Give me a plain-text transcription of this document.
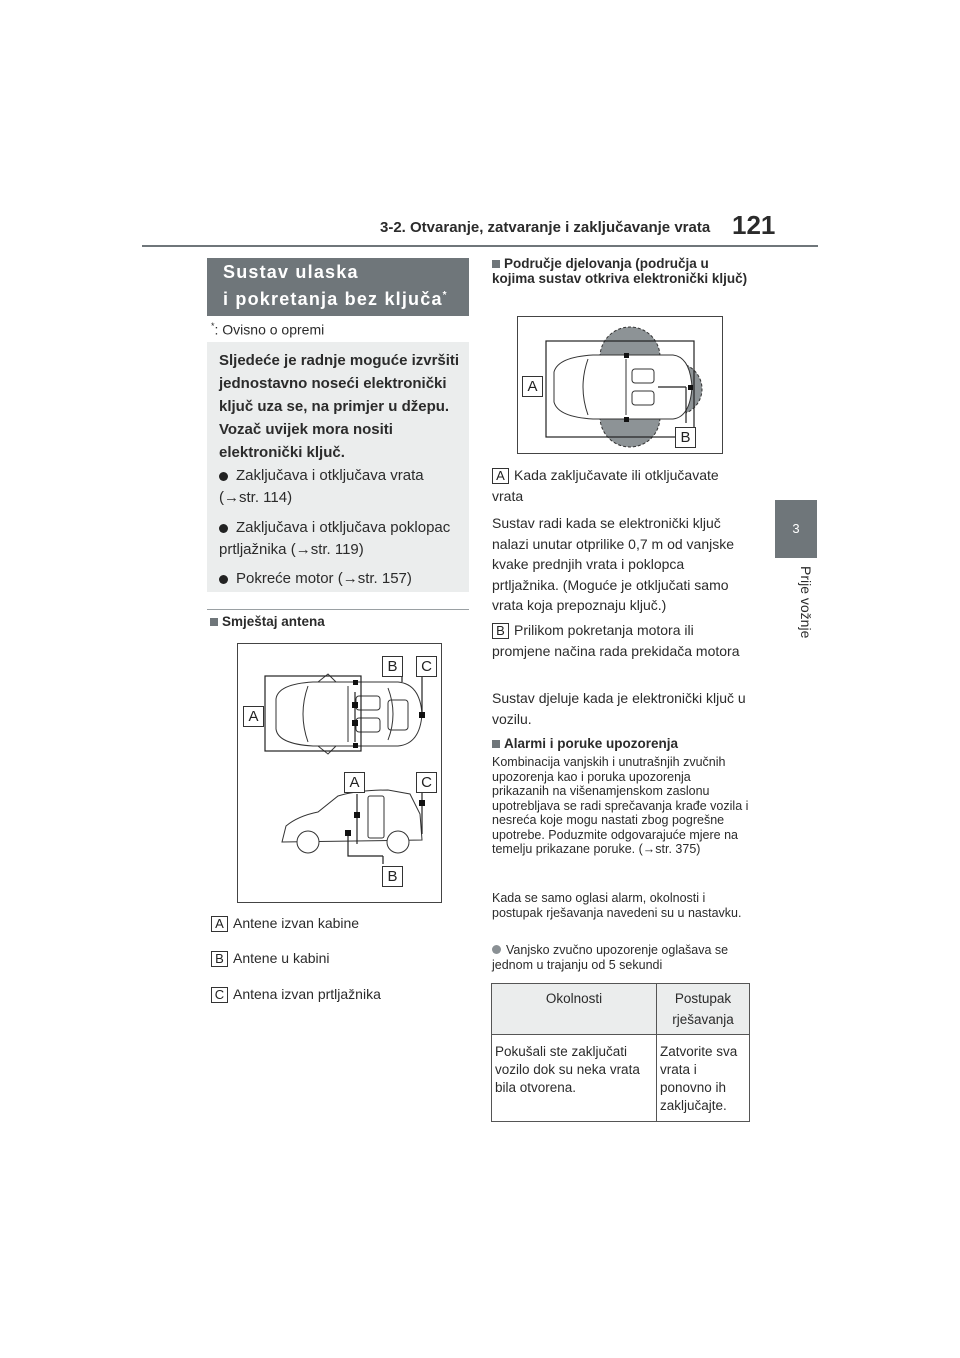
3-2. Otvaranje, zatvaranje i zaključavanje vrata 121
3
Prije vožnje
Sustav ulaska
i pokretanja bez ključa*
*: Ovisno o opremi
Sljedeće je radnje moguće izvršiti jednostavno noseći elektronički ključ uza se, na primjer u džepu. Vozač uvijek mora nositi elektronički ključ.
Zaključava i otključava vrata (→str. 114)
Zaključava i otključava poklopac prtljažnika (→str. 119)
Pokreće motor (→str. 157)
Smještaj antena
A
B	C
A	C
B
A Antene izvan kabine
B Antene u kabini
C Antena izvan prtljažnika
Područje djelovanja (područja u kojima sustav otkriva elektronički ključ)
A
B
A Kada zaključavate ili otključavate vrata
Sustav radi kada se elektronički ključ nalazi unutar otprilike 0,7 m od vanjske kvake prednjih vrata i poklopca prtljažnika. (Moguće je otključati samo vrata koja prepoznaju ključ.)
B Prilikom pokretanja motora ili promjene načina rada prekidača motora
Sustav djeluje kada je elektronički ključ u vozilu.
Alarmi i poruke upozorenja
Kombinacija vanjskih i unutrašnjih zvučnih upozorenja kao i poruka upozorenja prikazanih na višenamjenskom zaslonu upotrebljava se radi sprečavanja krađe vozila i nesreća koje mogu nastati zbog pogrešne upotrebe. Poduzmite odgovarajuće mjere na temelju prikazane poruke. (→str. 375)
Kada se samo oglasi alarm, okolnosti i postupak rješavanja navedeni su u nastavku.
Vanjsko zvučno upozorenje oglašava se jednom u trajanju od 5 sekundi
Okolnosti	Postupak rješavanja
Pokušali ste zaključati vozilo dok su neka vrata bila otvorena.	Zatvorite sva vrata i ponovno ih zaključajte.
